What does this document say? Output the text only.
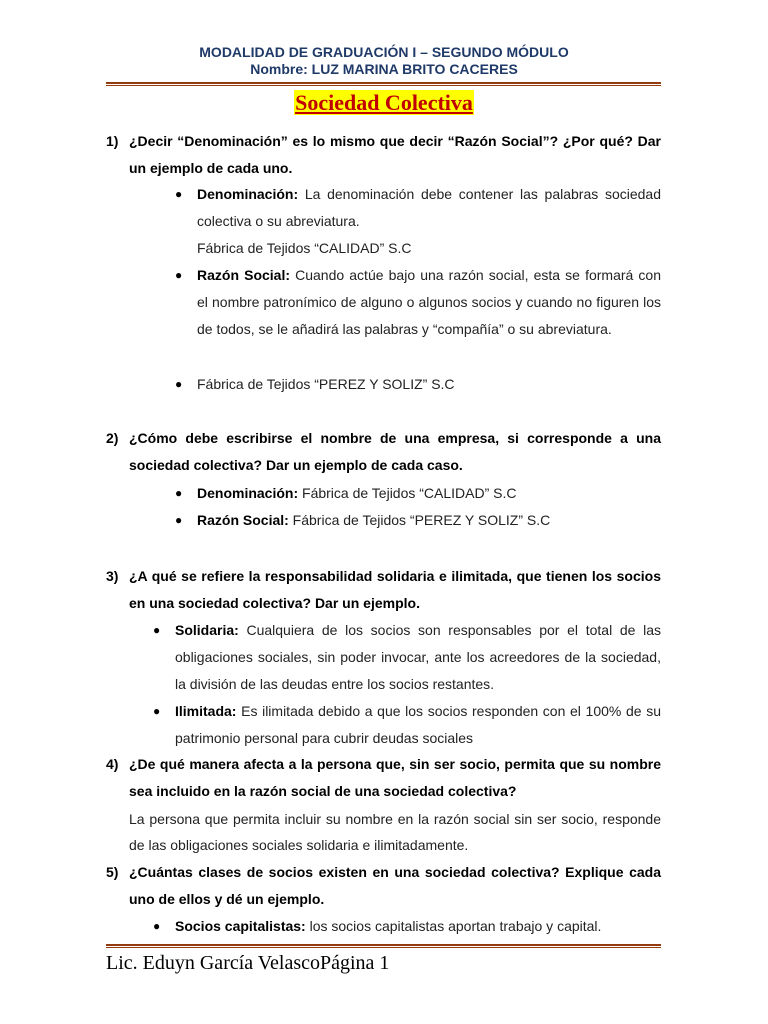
MODALIDAD DE GRADUACIÓN I – SEGUNDO MÓDULO
Nombre: LUZ MARINA BRITO CACERES
Sociedad Colectiva
1) ¿Decir “Denominación” es lo mismo que decir “Razón Social”? ¿Por qué? Dar un ejemplo de cada uno.
● Denominación: La denominación debe contener las palabras sociedad colectiva o su abreviatura.
Fábrica de Tejidos “CALIDAD” S.C
● Razón Social: Cuando actúe bajo una razón social, esta se formará con el nombre patronímico de alguno o algunos socios y cuando no figuren los de todos, se le añadirá las palabras y “compañía” o su abreviatura.
● Fábrica de Tejidos “PEREZ Y SOLIZ” S.C
2) ¿Cómo debe escribirse el nombre de una empresa, si corresponde a una sociedad colectiva? Dar un ejemplo de cada caso.
● Denominación: Fábrica de Tejidos “CALIDAD” S.C
● Razón Social: Fábrica de Tejidos “PEREZ Y SOLIZ” S.C
3) ¿A qué se refiere la responsabilidad solidaria e ilimitada, que tienen los socios en una sociedad colectiva? Dar un ejemplo.
● Solidaria: Cualquiera de los socios son responsables por el total de las obligaciones sociales, sin poder invocar, ante los acreedores de la sociedad, la división de las deudas entre los socios restantes.
● Ilimitada: Es ilimitada debido a que los socios responden con el 100% de su patrimonio personal para cubrir deudas sociales
4) ¿De qué manera afecta a la persona que, sin ser socio, permita que su nombre sea incluido en la razón social de una sociedad colectiva?
La persona que permita incluir su nombre en la razón social sin ser socio, responde de las obligaciones sociales solidaria e ilimitadamente.
5) ¿Cuántas clases de socios existen en una sociedad colectiva? Explique cada uno de ellos y dé un ejemplo.
● Socios capitalistas: los socios capitalistas aportan trabajo y capital.
Lic. Eduyn García VelascoPágina 1
